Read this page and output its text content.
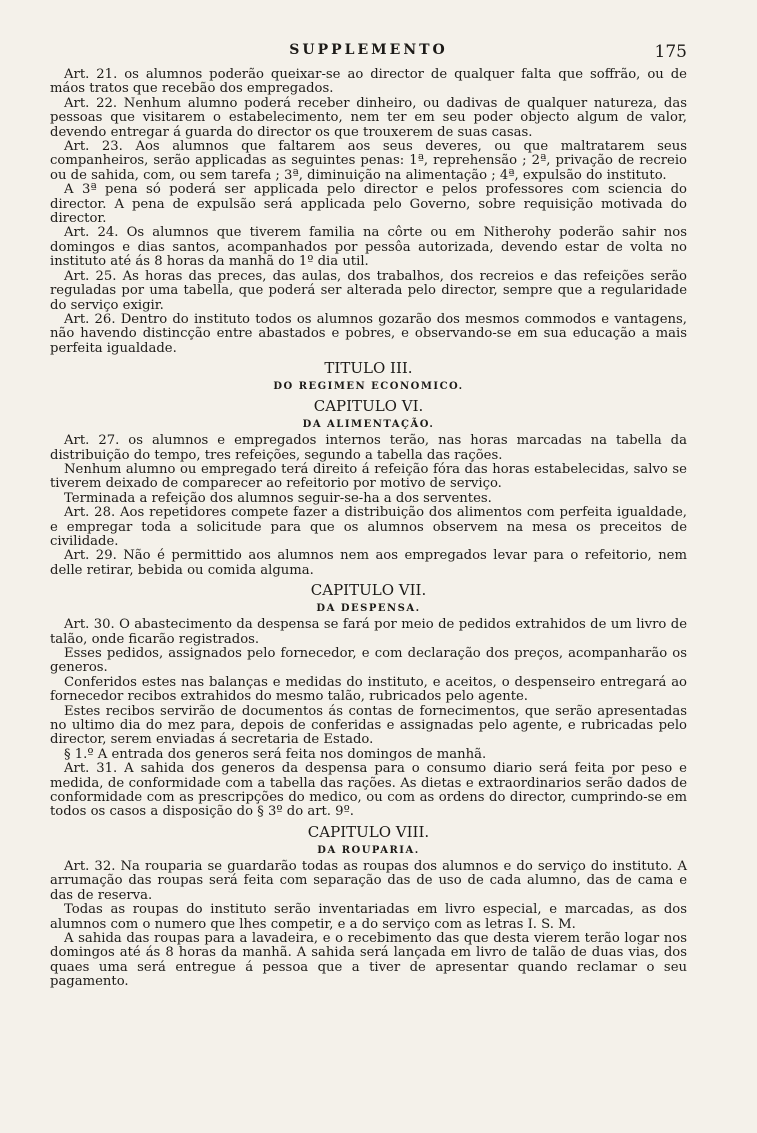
SUPPLEMENTO	175

Art. 21. os alumnos poderão queixar-se ao director de qualquer falta que soffrão, ou de máos tratos que recebão dos empregados.

Art. 22. Nenhum alumno poderá receber dinheiro, ou dadivas de qualquer natureza, das pessoas que visitarem o estabelecimento, nem ter em seu poder objecto algum de valor, devendo entregar á guarda do director os que trouxerem de suas casas.

Art. 23. Aos alumnos que faltarem aos seus deveres, ou que maltratarem seus companheiros, serão applicadas as seguintes penas: 1ª, reprehensão ; 2ª, privação de recreio ou de sahida, com, ou sem tarefa ; 3ª, diminuição na alimentação ; 4ª, expulsão do instituto.

A 3ª pena só poderá ser applicada pelo director e pelos professores com sciencia do director. A pena de expulsão será applicada pelo Governo, sobre requisição motivada do director.

Art. 24. Os alumnos que tiverem familia na côrte ou em Nitherohy poderão sahir nos domingos e dias santos, acompanhados por pessôa autorizada, devendo estar de volta no instituto até ás 8 horas da manhã do 1º dia util.

Art. 25. As horas das preces, das aulas, dos trabalhos, dos recreios e das refeições serão reguladas por uma tabella, que poderá ser alterada pelo director, sempre que a regularidade do serviço exigir.

Art. 26. Dentro do instituto todos os alumnos gozarão dos mesmos commodos e vantagens, não havendo distincção entre abastados e pobres, e observando-se em sua educação a mais perfeita igualdade.

TITULO III.
DO REGIMEN ECONOMICO.
CAPITULO VI.
DA ALIMENTAÇÃO.

Art. 27. os alumnos e empregados internos terão, nas horas marcadas na tabella da distribuição do tempo, tres refeições, segundo a tabella das rações.

Nenhum alumno ou empregado terá direito á refeição fóra das horas estabelecidas, salvo se tiverem deixado de comparecer ao refeitorio por motivo de serviço.

Terminada a refeição dos alumnos seguir-se-ha a dos serventes.

Art. 28. Aos repetidores compete fazer a distribuição dos alimentos com perfeita igualdade, e empregar toda a solicitude para que os alumnos observem na mesa os preceitos de civilidade.

Art. 29. Não é permittido aos alumnos nem aos empregados levar para o refeitorio, nem delle retirar, bebida ou comida alguma.

CAPITULO VII.
DA DESPENSA.

Art. 30. O abastecimento da despensa se fará por meio de pedidos extrahidos de um livro de talão, onde ficarão registrados.

Esses pedidos, assignados pelo fornecedor, e com declaração dos preços, acompanharão os generos.

Conferidos estes nas balanças e medidas do instituto, e aceitos, o despenseiro entregará ao fornecedor recibos extrahidos do mesmo talão, rubricados pelo agente.

Estes recibos servirão de documentos ás contas de fornecimentos, que serão apresentadas no ultimo dia do mez para, depois de conferidas e assignadas pelo agente, e rubricadas pelo director, serem enviadas á secretaria de Estado.

§ 1.º A entrada dos generos será feita nos domingos de manhã.

Art. 31. A sahida dos generos da despensa para o consumo diario será feita por peso e medida, de conformidade com a tabella das rações. As dietas e extraordinarios serão dados de conformidade com as prescripções do medico, ou com as ordens do director, cumprindo-se em todos os casos a disposição do § 3º do art. 9º.

CAPITULO VIII.
DA ROUPARIA.

Art. 32. Na rouparia se guardarão todas as roupas dos alumnos e do serviço do instituto. A arrumação das roupas será feita com separação das de uso de cada alumno, das de cama e das de reserva.

Todas as roupas do instituto serão inventariadas em livro especial, e marcadas, as dos alumnos com o numero que lhes competir, e a do serviço com as letras I. S. M.

A sahida das roupas para a lavadeira, e o recebimento das que desta vierem terão logar nos domingos até ás 8 horas da manhã. A sahida será lançada em livro de talão de duas vias, dos quaes uma será entregue á pessoa que a tiver de apresentar quando reclamar o seu pagamento.
